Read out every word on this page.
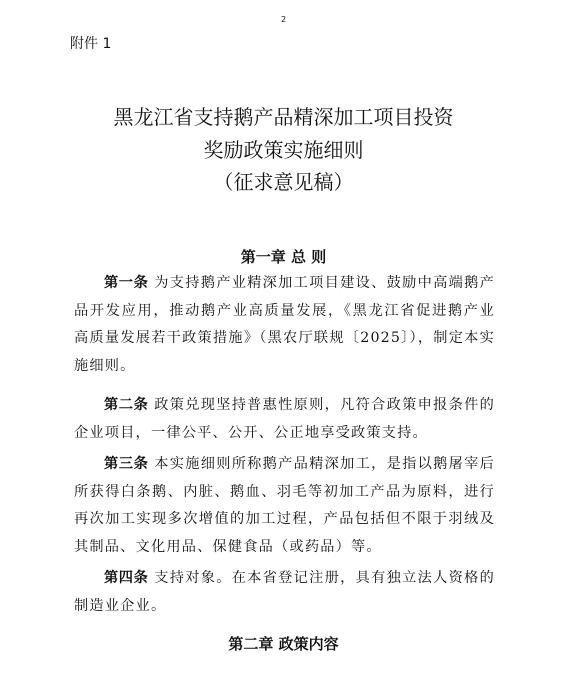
2
附件 1
黑龙江省支持鹅产品精深加工项目投资
奖励政策实施细则
（征求意见稿）
第一章 总 则
第一条 为支持鹅产业精深加工项目建设、鼓励中高端鹅产品开发应用，推动鹅产业高质量发展，《黑龙江省促进鹅产业高质量发展若干政策措施》（黑农厅联规〔2025〕），制定本实施细则。
第二条 政策兑现坚持普惠性原则，凡符合政策申报条件的企业项目，一律公平、公开、公正地享受政策支持。
第三条 本实施细则所称鹅产品精深加工，是指以鹅屠宰后所获得白条鹅、内脏、鹅血、羽毛等初加工产品为原料，进行再次加工实现多次增值的加工过程，产品包括但不限于羽绒及其制品、文化用品、保健食品（或药品）等。
第四条 支持对象。在本省登记注册，具有独立法人资格的制造业企业。
第二章 政策内容
